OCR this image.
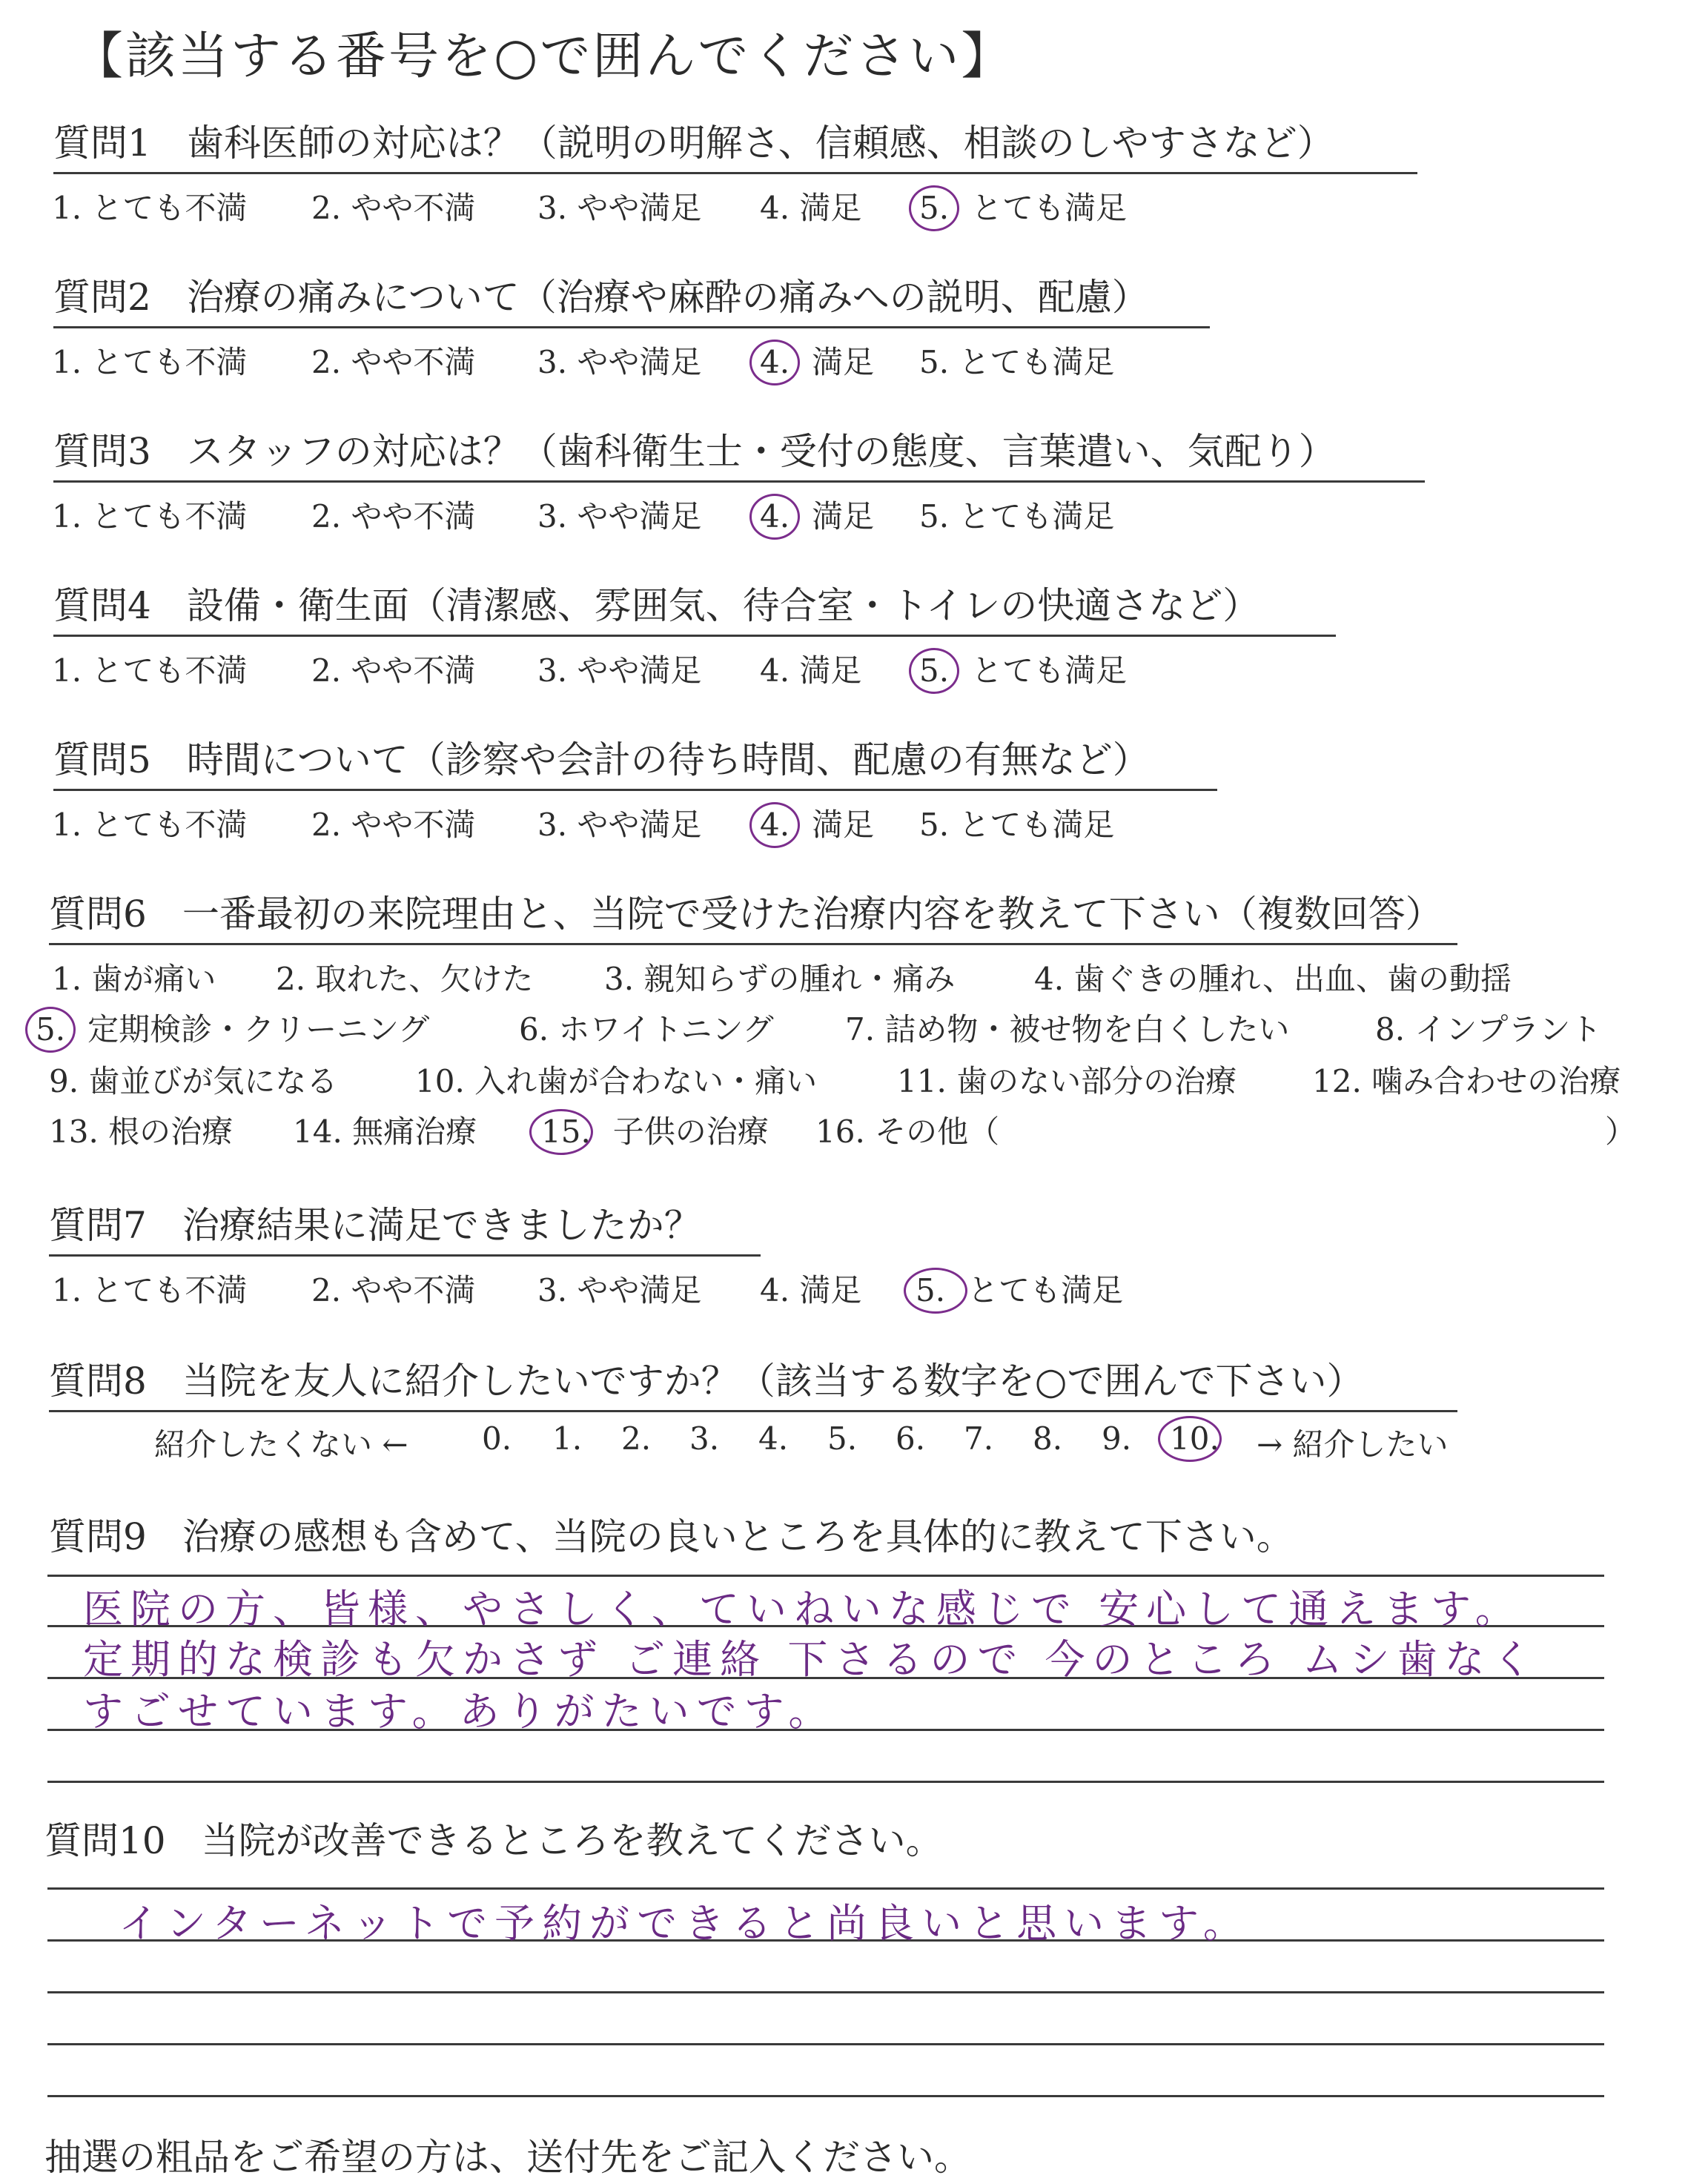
【該当する番号を○で囲んでください】
質問1 歯科医師の対応は？（説明の明解さ、信頼感、相談のしやすさなど）
1. とても不満 2. やや不満 3. やや満足 4. 満足 5. とても満足
質問2 治療の痛みについて（治療や麻酔の痛みへの説明、配慮）
1. とても不満 2. やや不満 3. やや満足 4. 満足 5. とても満足
質問3 スタッフの対応は？（歯科衛生士・受付の態度、言葉遣い、気配り）
1. とても不満 2. やや不満 3. やや満足 4. 満足 5. とても満足
質問4 設備・衛生面（清潔感、雰囲気、待合室・トイレの快適さなど）
1. とても不満 2. やや不満 3. やや満足 4. 満足 5. とても満足
質問5 時間について（診察や会計の待ち時間、配慮の有無など）
1. とても不満 2. やや不満 3. やや満足 4. 満足 5. とても満足
質問6 一番最初の来院理由と、当院で受けた治療内容を教えて下さい（複数回答）
1. 歯が痛い 2. 取れた、欠けた 3. 親知らずの腫れ・痛み	4. 歯ぐきの腫れ、出血、歯の動揺
5. 定期検診・クリーニング	6. ホワイトニング 7. 詰め物・被せ物を白くしたい	8. インプラント
9. 歯並びが気になる 10. 入れ歯が合わない・痛い	11. 歯のない部分の治療 12. 噛み合わせの治療
13. 根の治療 14. 無痛治療 15. 子供の治療 16. その他（	）
質問7 治療結果に満足できましたか？
1. とても不満 2. やや不満 3. やや満足 4. 満足 5. とても満足
質問8 当院を友人に紹介したいですか？（該当する数字を○で囲んで下さい）
紹介したくない ← 0. 1. 2. 3. 4. 5. 6. 7. 8. 9. 10.	→ 紹介したい
質問9 治療の感想も含めて、当院の良いところを具体的に教えて下さい。
医院の方、皆様、やさしく、ていねいな感じで 安心して通えます。
定期的な検診も欠かさず ご連絡 下さるので 今のところ ムシ歯なく
すごせています。ありがたいです。
質問10 当院が改善できるところを教えてください。
インターネットで予約ができると尚良いと思います。
抽選の粗品をご希望の方は、送付先をご記入ください。
